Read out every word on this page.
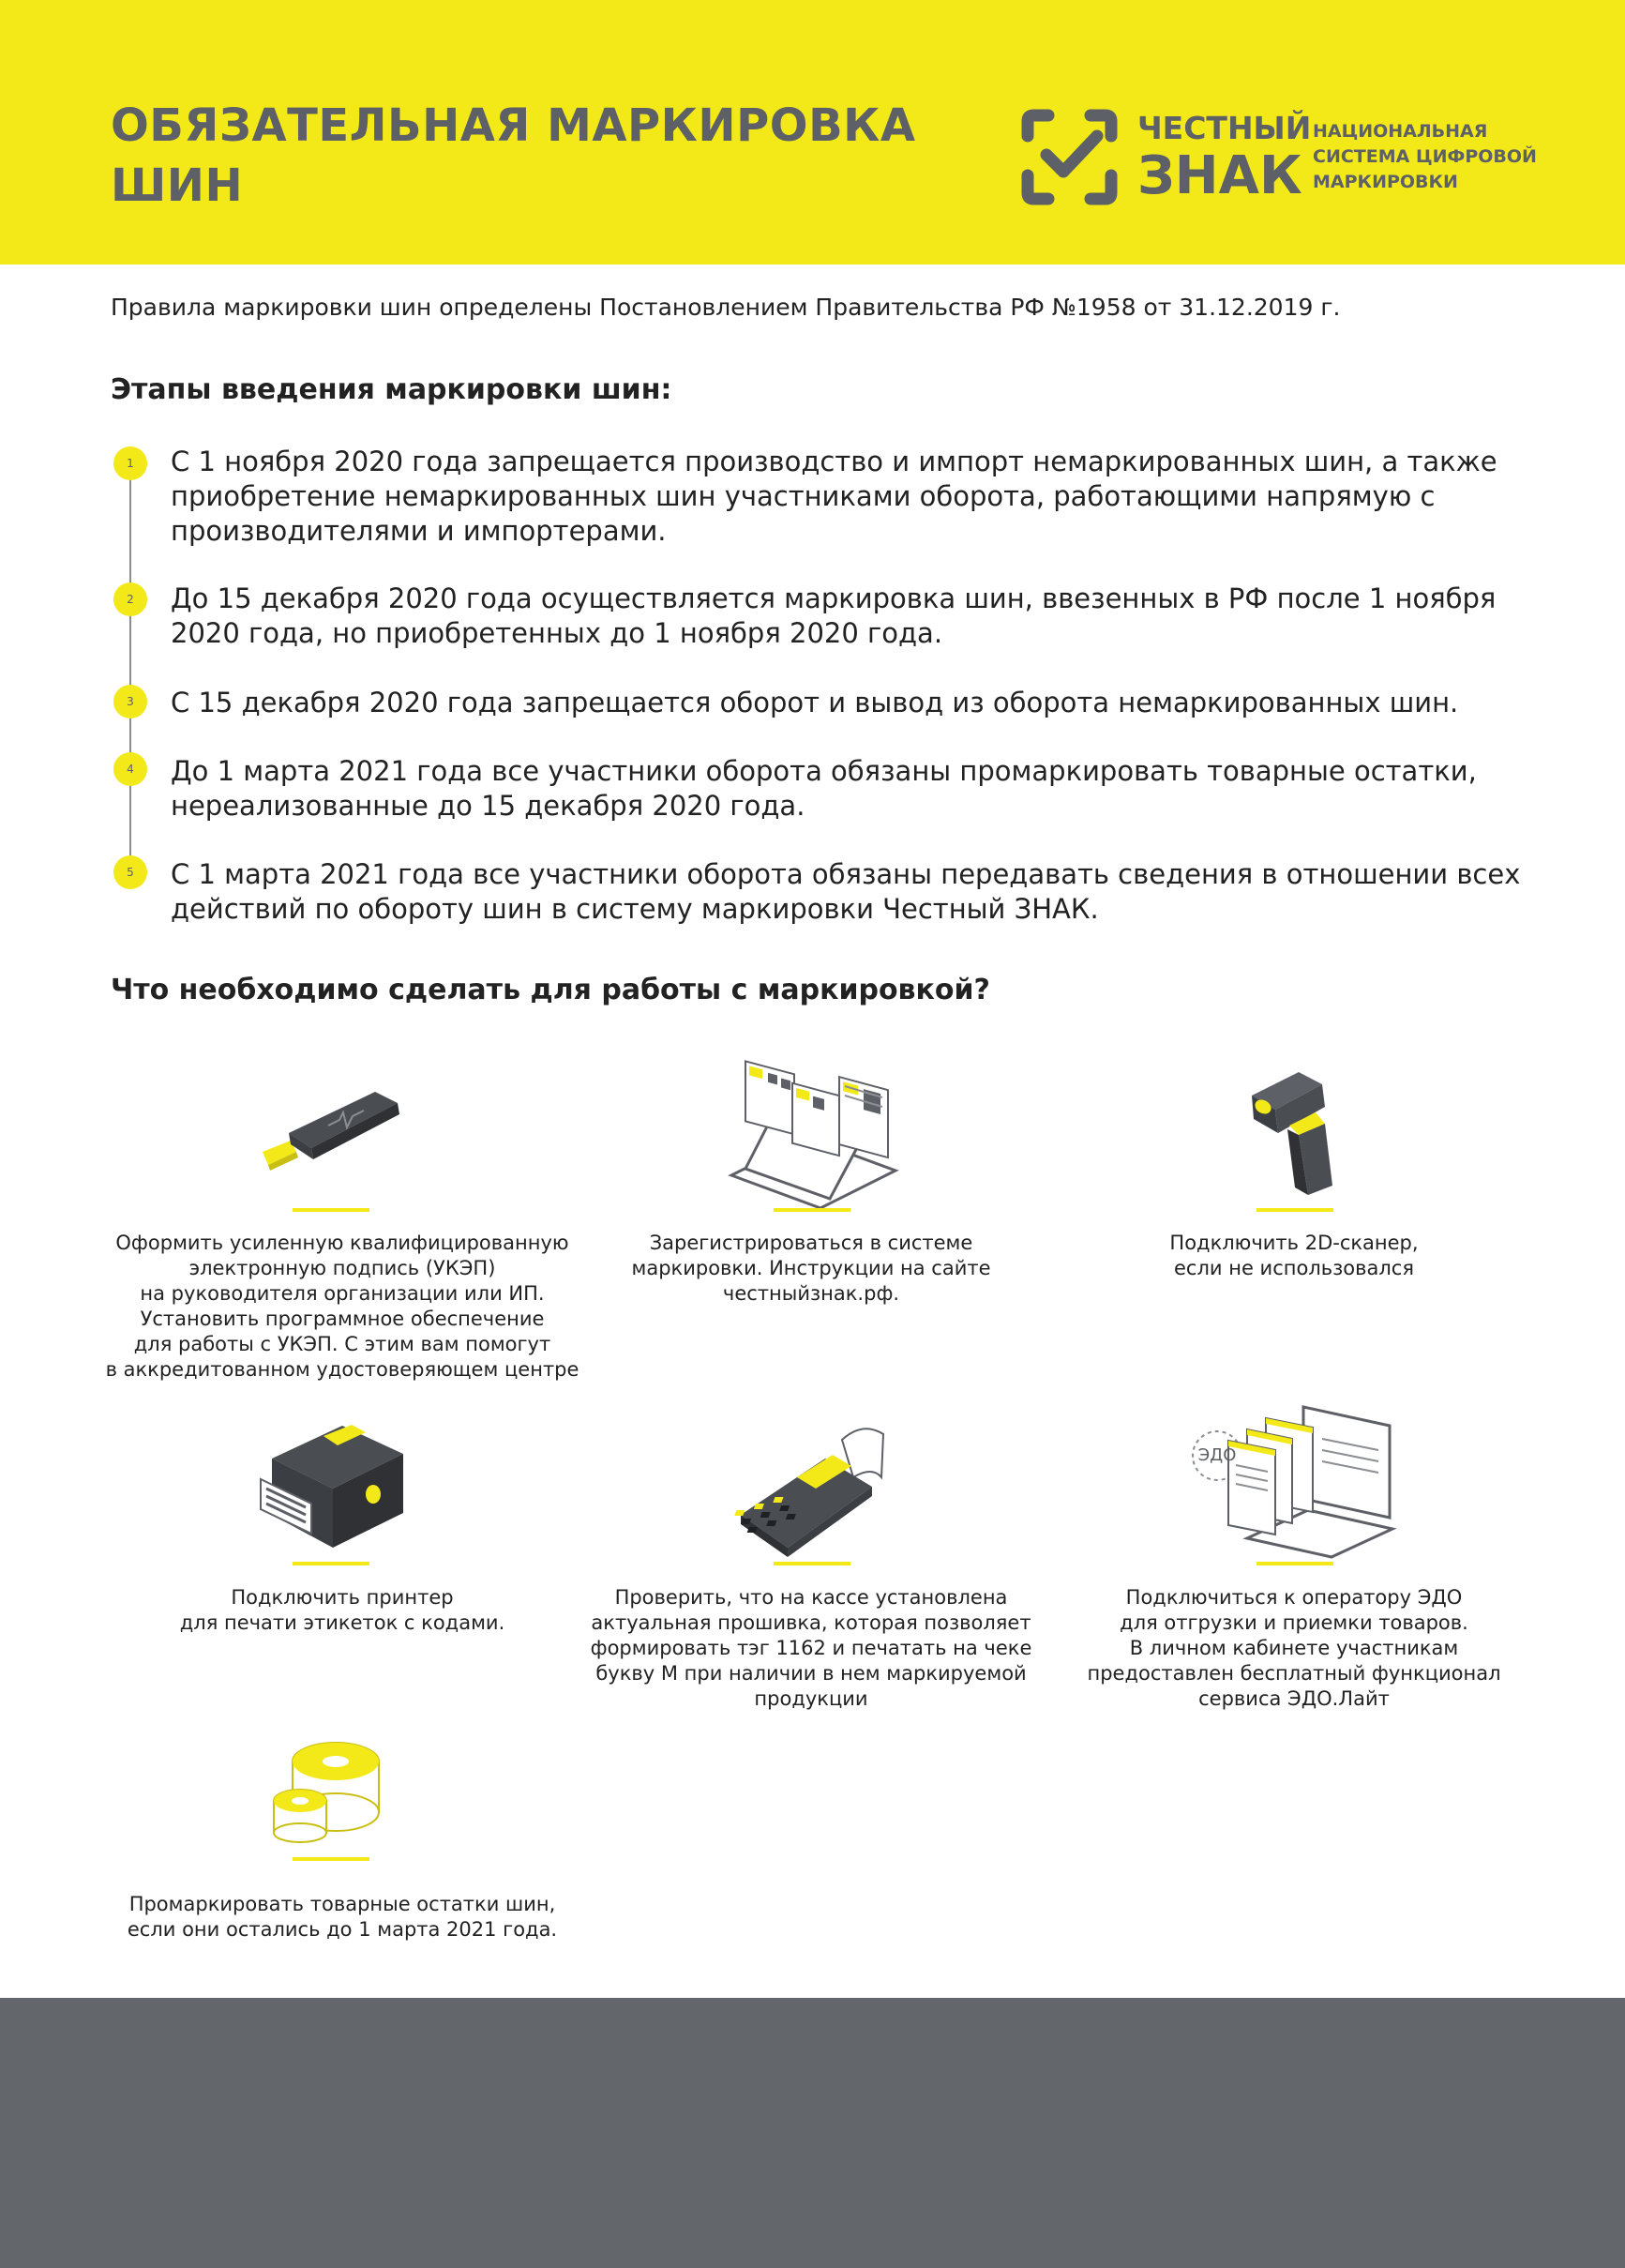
ОБЯЗАТЕЛЬНАЯ МАРКИРОВКА
ШИН
ЧЕСТНЫЙ
ЗНАК
НАЦИОНАЛЬНАЯ
СИСТЕМА ЦИФРОВОЙ
МАРКИРОВКИ
Правила маркировки шин определены Постановлением Правительства РФ №1958 от 31.12.2019 г.
Этапы введения маркировки шин:
1	С 1 ноября 2020 года запрещается производство и импорт немаркированных шин, а также приобретение немаркированных шин участниками оборота, работающими напрямую с производителями и импортерами.
2	До 15 декабря 2020 года осуществляется маркировка шин, ввезенных в РФ после 1 ноября 2020 года, но приобретенных до 1 ноября 2020 года.
3	С 15 декабря 2020 года запрещается оборот и вывод из оборота немаркированных шин.
4	До 1 марта 2021 года все участники оборота обязаны промаркировать товарные остатки, нереализованные до 15 декабря 2020 года.
5	С 1 марта 2021 года все участники оборота обязаны передавать сведения в отношении всех действий по обороту шин в систему маркировки Честный ЗНАК.
Что необходимо сделать для работы с маркировкой?
Оформить усиленную квалифицированную
электронную подпись (УКЭП)
на руководителя организации или ИП.
Установить программное обеспечение
для работы с УКЭП. С этим вам помогут
в аккредитованном удостоверяющем центре
Зарегистрироваться в системе
маркировки. Инструкции на сайте
честныйзнак.рф.
Подключить 2D-сканер,
если не использовался
Подключить принтер
для печати этикеток с кодами.
Проверить, что на кассе установлена
актуальная прошивка, которая позволяет
формировать тэг 1162 и печатать на чеке
букву М при наличии в нем маркируемой
продукции
ЭДО
Подключиться к оператору ЭДО
для отгрузки и приемки товаров.
В личном кабинете участникам
предоставлен бесплатный функционал
сервиса ЭДО.Лайт
Промаркировать товарные остатки шин,
если они остались до 1 марта 2021 года.
